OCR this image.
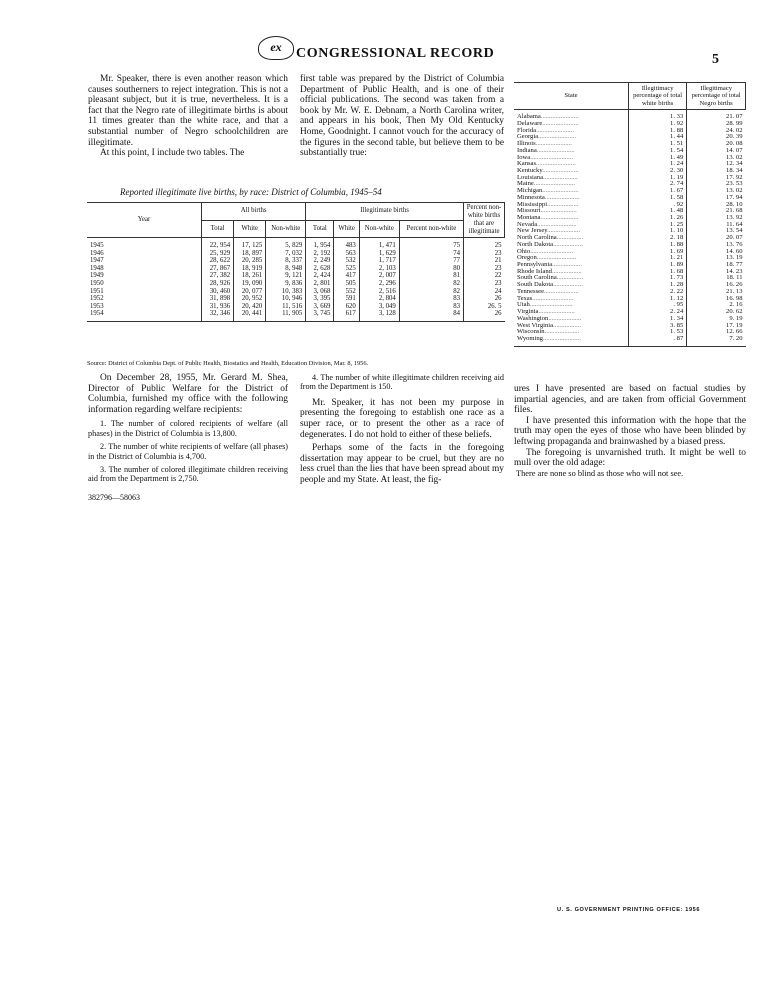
ex	CONGRESSIONAL RECORD	5

Mr. Speaker, there is even another reason which causes southerners to reject integration. This is not a pleasant subject, but it is true, nevertheless. It is a fact that the Negro rate of illegitimate births is about 11 times greater than the white race, and that a substantial number of Negro schoolchildren are illegitimate.

At this point, I include two tables. The

first table was prepared by the District of Columbia Department of Public Health, and is one of their official publications. The second was taken from a book by Mr. W. E. Debnam, a North Carolina writer, and appears in his book, Then My Old Kentucky Home, Goodnight. I cannot vouch for the accuracy of the figures in the second table, but believe them to be substantially true:

Reported illegitimate live births, by race: District of Columbia, 1945–54
Year	All births			Illegitimate births				Percent non-white births that are illegitimate
	Total	White	Non-white	Total	White	Non-white	Percent non-white	
1945	22, 954	17, 125	5, 829	1, 954	483	1, 471	75	25
1946	25, 929	18, 897	7, 032	2, 192	563	1, 629	74	23
1947	28, 622	20, 285	8, 337	2, 249	532	1, 717	77	21
1948	27, 867	18, 919	8, 948	2, 628	525	2, 103	80	23
1949	27, 382	18, 261	9, 121	2, 424	417	2, 007	81	22
1950	28, 926	19, 090	9, 836	2, 801	505	2, 296	82	23
1951	30, 460	20, 077	10, 383	3, 068	552	2, 516	82	24
1952	31, 898	20, 952	10, 946	3, 395	591	2, 804	83	26
1953	31, 936	20, 420	11, 516	3, 669	620	3, 049	83	26. 5
1954	32, 346	20, 441	11, 905	3, 745	617	3, 128	84	26
Source: District of Columbia Dept. of Public Health, Biostatics and Health, Education Division, Mar. 8, 1956.

On December 28, 1955, Mr. Gerard M. Shea, Director of Public Welfare for the District of Columbia, furnished my office with the following information regarding welfare recipients:

1. The number of colored recipients of welfare (all phases) in the District of Columbia is 13,800.

2. The number of white recipients of welfare (all phases) in the District of Columbia is 4,700.

3. The number of colored illegitimate children receiving aid from the Department is 2,750.

382796—58063

4. The number of white illegitimate children receiving aid from the Department is 150.

Mr. Speaker, it has not been my purpose in presenting the foregoing to establish one race as a super race, or to present the other as a race of degenerates. I do not hold to either of these beliefs.

Perhaps some of the facts in the foregoing dissertation may appear to be cruel, but they are no less cruel than the lies that have been spread about my people and my State. At least, the fig-

State	Illegitimacy percentage of total white births	Illegitimacy percentage of total Negro births
Alabama.......................	1. 33	21. 07
Delaware......................	1. 92	28. 99
Florida.......................	1. 88	24. 02
Georgia.......................	1. 44	20. 39
Illinois......................	1. 51	20. 08
Indiana.......................	1. 54	14. 07
Iowa..........................	1. 49	13. 02
Kansas........................	1. 24	12. 34
Kentucky......................	2. 30	18. 34
Louisiana.....................	1. 19	17. 92
Maine.........................	2. 74	23. 53
Michigan......................	1. 67	13. 02
Minnesota.....................	1. 58	17. 94
Mississippi...................	. 92	28. 10
Missouri......................	1. 48	21. 68
Montana.......................	1. 26	13. 92
Nevada........................	1. 25	11. 64
New Jersey....................	1. 10	13. 54
North Carolina................	2. 18	20. 07
North Dakota..................	1. 88	13. 76
Ohio..........................	1. 69	14. 60
Oregon........................	1. 21	13. 19
Pennsylvania..................	1. 89	18. 77
Rhode Island..................	1. 68	14. 23
South Carolina................	1. 73	18. 11
South Dakota..................	1. 28	16. 26
Tennessee.....................	2. 22	21. 13
Texas.........................	1. 12	16. 98
Utah..........................	. 95	2. 16
Virginia......................	2. 24	20. 62
Washington....................	1. 34	9. 19
West Virginia.................	3. 85	17. 19
Wisconsin.....................	1. 53	12. 66
Wyoming.......................	. 87	7. 20

ures I have presented are based on factual studies by impartial agencies, and are taken from official Government files.

I have presented this information with the hope that the truth may open the eyes of those who have been blinded by leftwing propaganda and brainwashed by a biased press.

The foregoing is unvarnished truth. It might be well to mull over the old adage:

There are none so blind as those who will not see.

U. S. GOVERNMENT PRINTING OFFICE: 1956
